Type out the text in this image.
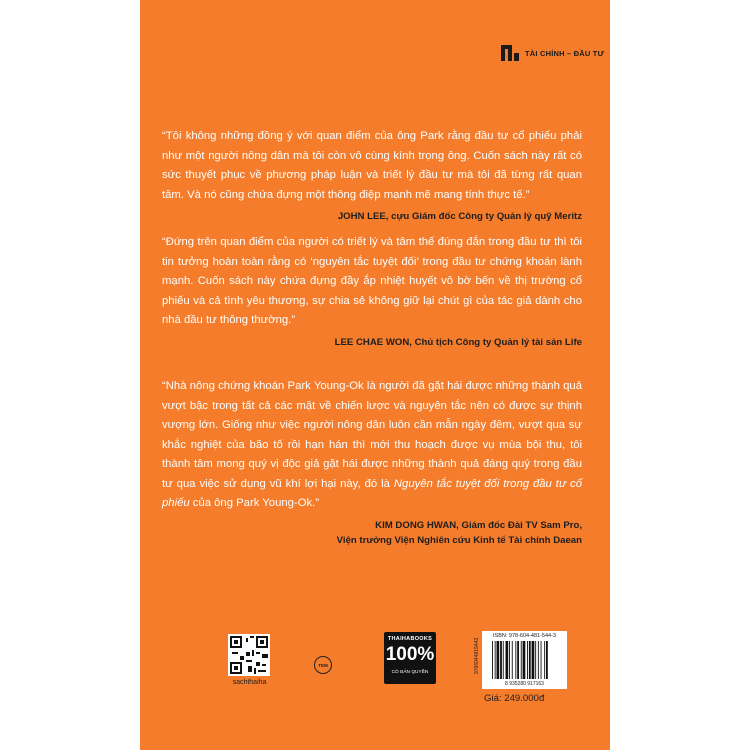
TÀI CHÍNH – ĐẦU TƯ
“Tôi không những đồng ý với quan điểm của ông Park rằng đầu tư cổ phiếu phải như một người nông dân mà tôi còn vô cùng kính trọng ông. Cuốn sách này rất có sức thuyết phục về phương pháp luận và triết lý đầu tư mà tôi đã từng rất quan tâm. Và nó cũng chứa đựng một thông điệp mạnh mẽ mang tính thực tế.”
JOHN LEE, cựu Giám đốc Công ty Quản lý quỹ Meritz
“Đứng trên quan điểm của người có triết lý và tâm thế đúng đắn trong đầu tư thì tôi tin tưởng hoàn toàn rằng có ‘nguyên tắc tuyệt đối’ trong đầu tư chứng khoán lành mạnh. Cuốn sách này chứa đựng đầy ắp nhiệt huyết vô bờ bến về thị trường cổ phiếu và cả tình yêu thương, sự chia sẻ không giữ lại chút gì của tác giả dành cho nhà đầu tư thông thường.”
LEE CHAE WON, Chủ tịch Công ty Quản lý tài sản Life
“Nhà nông chứng khoán Park Young-Ok là người đã gặt hái được những thành quả vượt bậc trong tất cả các mặt về chiến lược và nguyên tắc nên có được sự thịnh vượng lớn. Giống như việc người nông dân luôn cần mẫn ngày đêm, vượt qua sự khắc nghiệt của bão tố rồi hạn hán thì mới thu hoạch được vụ mùa bội thu, tôi thành tâm mong quý vị độc giả gặt hái được những thành quả đáng quý trong đầu tư qua việc sử dụng vũ khí lợi hại này, đó là Nguyên tắc tuyệt đối trong đầu tư cổ phiếu của ông Park Young-Ok.”
KIM DONG HWAN, Giám đốc Đài TV Sam Pro,
Viện trưởng Viện Nghiên cứu Kinh tế Tài chính Daean
sachthaiha
TEM
THAIHABOOKS
100%
CÓ BẢN QUYỀN
ISBN: 978-604-481-544-3
9786044815443
8 935280 917163
Giá: 249.000đ
